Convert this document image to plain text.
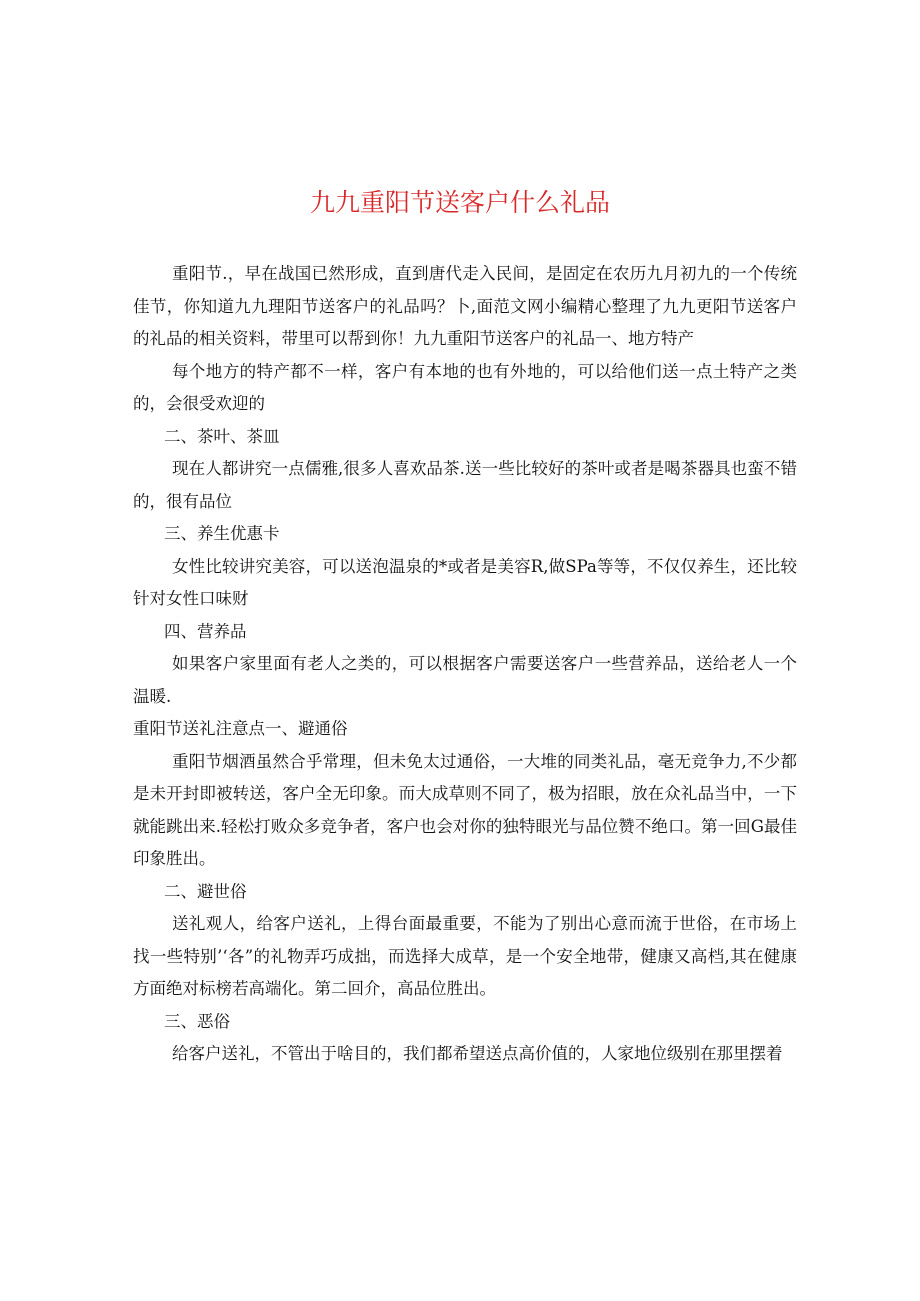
九九重阳节送客户什么礼品

重阳节.，早在战国已然形成，直到唐代走入民间，是固定在农历九月初九的一个传统佳节，你知道九九理阳节送客户的礼品吗？卜,面范文网小编精心整理了九九更阳节送客户的礼品的相关资料，带里可以帮到你！九九重阳节送客户的礼品一、地方特产

每个地方的特产都不一样，客户有本地的也有外地的，可以给他们送一点土特产之类的，会很受欢迎的

二、茶叶、茶皿

现在人都讲究一点儒雅,很多人喜欢品茶.送一些比较好的茶叶或者是喝茶器具也蛮不错的，很有品位

三、养生优惠卡

女性比较讲究美容，可以送泡温泉的*或者是美容R,做SPa等等，不仅仅养生，还比较针对女性口味财

四、营养品

如果客户家里面有老人之类的，可以根据客户需要送客户一些营养品，送给老人一个温暖.

重阳节送礼注意点一、避通俗

重阳节烟酒虽然合乎常理，但未免太过通俗，一大堆的同类礼品，毫无竞争力,不少都是未开封即被转送，客户全无印象。而大成草则不同了，极为招眼，放在众礼品当中，一下就能跳出来.轻松打败众多竞争者，客户也会对你的独特眼光与品位赞不绝口。第一回G最佳印象胜出。

二、避世俗

送礼观人，给客户送礼，上得台面最重要，不能为了别出心意而流于世俗，在市场上找一些特别’‘各”的礼物弄巧成拙，而选择大成草，是一个安全地带，健康又高档,其在健康方面绝对标榜若高端化。第二回介，高品位胜出。

三、恶俗

给客户送礼，不管出于啥目的，我们都希望送点高价值的，人家地位级别在那里摆着
